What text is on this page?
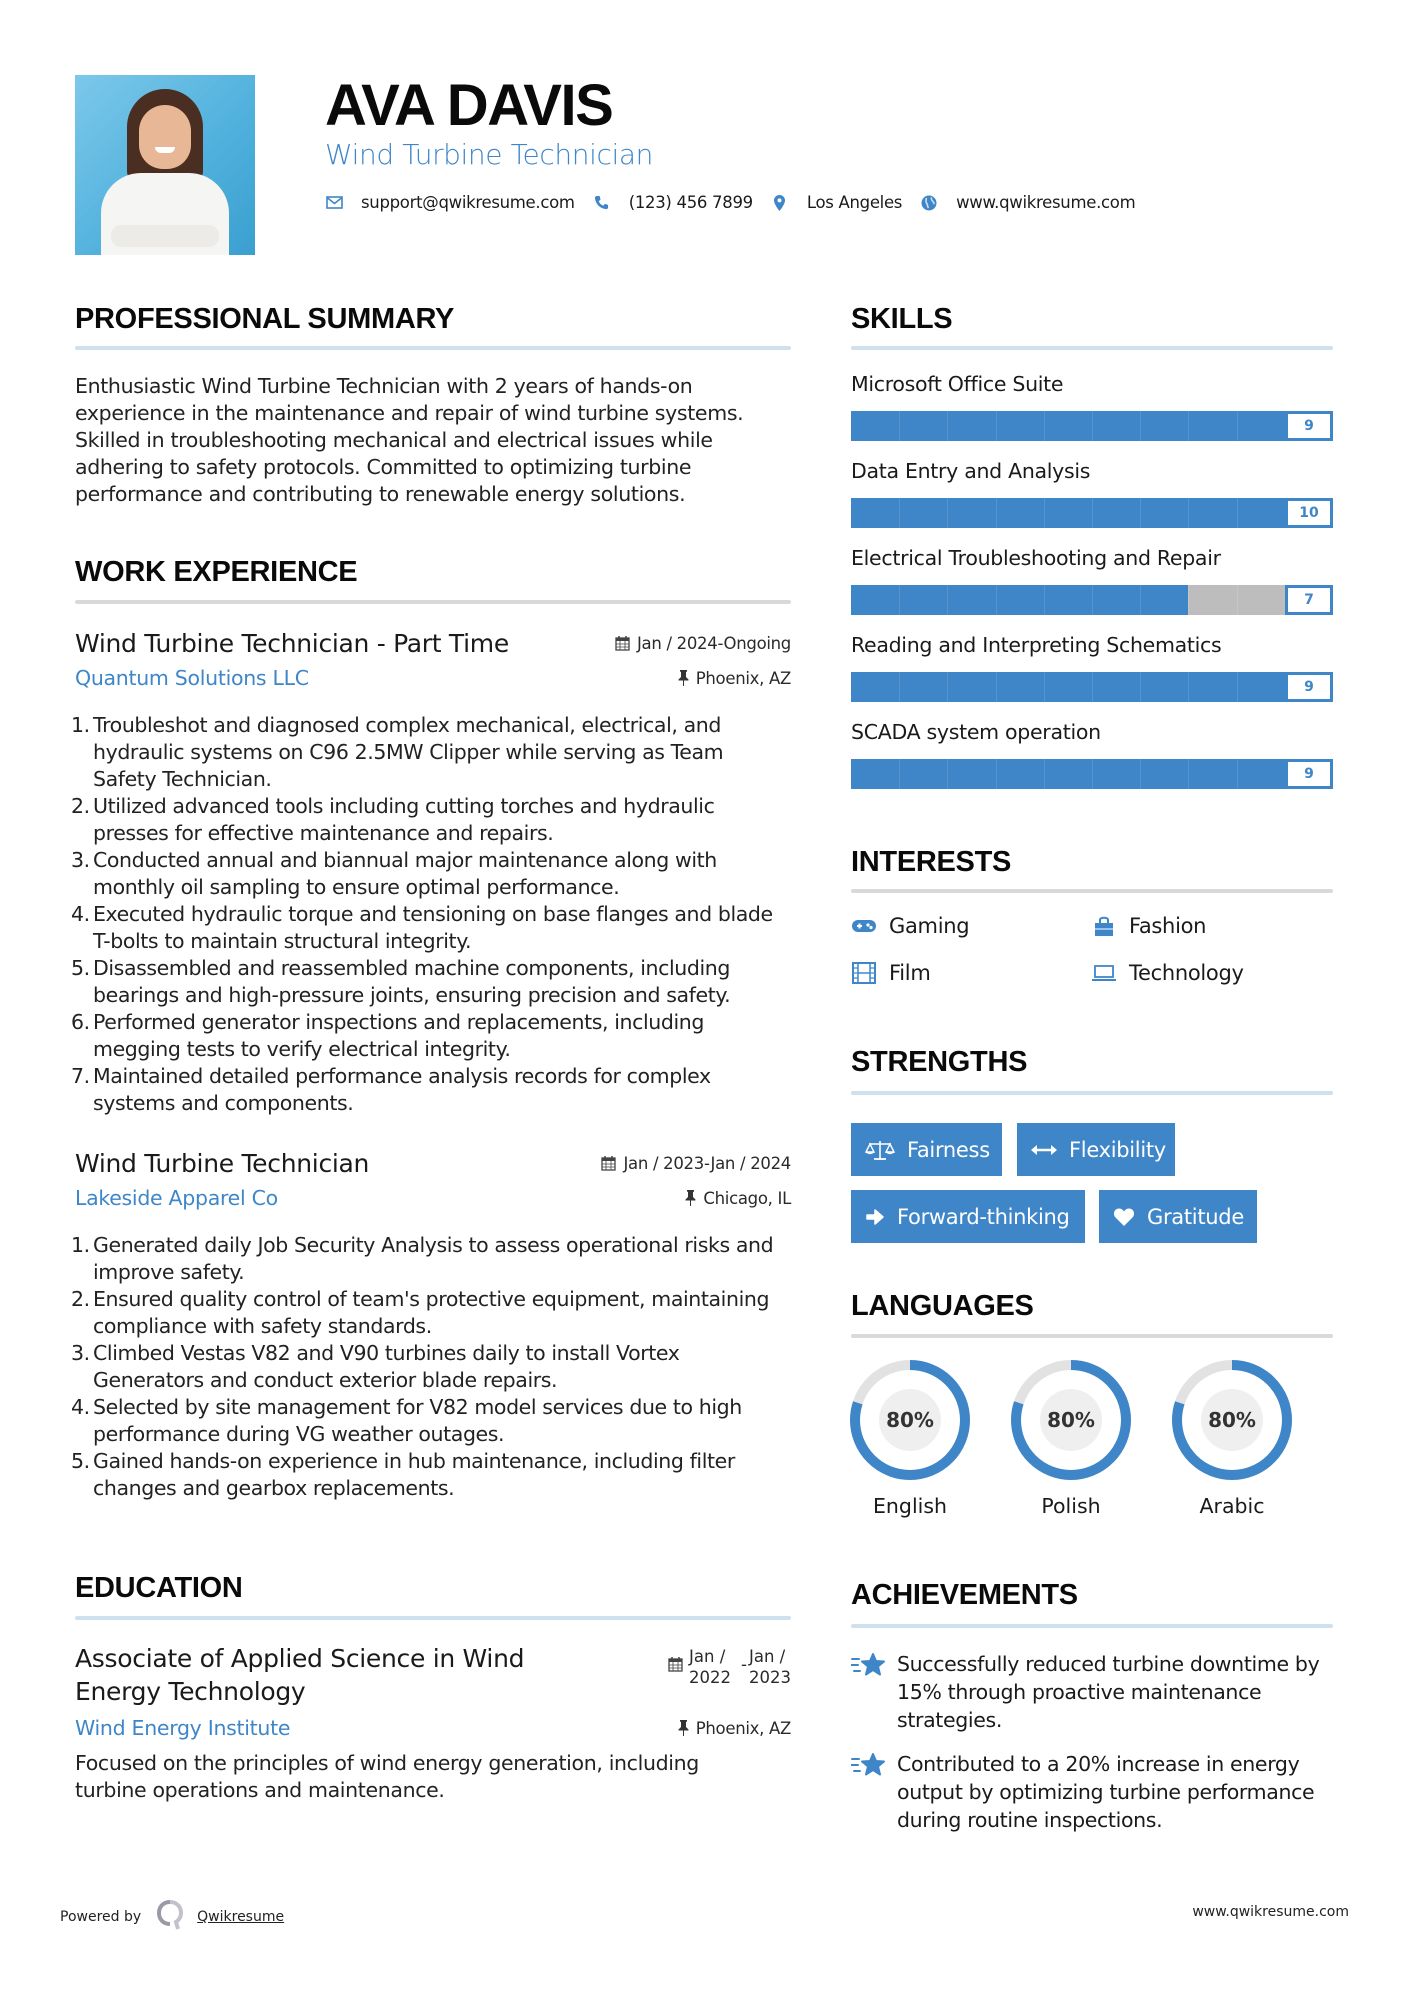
AVA DAVIS
Wind Turbine Technician
support@qwikresume.com	(123) 456 7899	Los Angeles	www.qwikresume.com
PROFESSIONAL SUMMARY
Enthusiastic Wind Turbine Technician with 2 years of hands-on experience in the maintenance and repair of wind turbine systems. Skilled in troubleshooting mechanical and electrical issues while adhering to safety protocols. Committed to optimizing turbine performance and contributing to renewable energy solutions.
WORK EXPERIENCE
Wind Turbine Technician - Part Time	Jan / 2024-Ongoing
Quantum Solutions LLC	Phoenix, AZ
1. Troubleshot and diagnosed complex mechanical, electrical, and hydraulic systems on C96 2.5MW Clipper while serving as Team Safety Technician.
2. Utilized advanced tools including cutting torches and hydraulic presses for effective maintenance and repairs.
3. Conducted annual and biannual major maintenance along with monthly oil sampling to ensure optimal performance.
4. Executed hydraulic torque and tensioning on base flanges and blade T-bolts to maintain structural integrity.
5. Disassembled and reassembled machine components, including bearings and high-pressure joints, ensuring precision and safety.
6. Performed generator inspections and replacements, including megging tests to verify electrical integrity.
7. Maintained detailed performance analysis records for complex systems and components.
Wind Turbine Technician	Jan / 2023-Jan / 2024
Lakeside Apparel Co	Chicago, IL
1. Generated daily Job Security Analysis to assess operational risks and improve safety.
2. Ensured quality control of team's protective equipment, maintaining compliance with safety standards.
3. Climbed Vestas V82 and V90 turbines daily to install Vortex Generators and conduct exterior blade repairs.
4. Selected by site management for V82 model services due to high performance during VG weather outages.
5. Gained hands-on experience in hub maintenance, including filter changes and gearbox replacements.
EDUCATION
Associate of Applied Science in Wind
Energy Technology
Jan /
2022
- Jan /
2023
Wind Energy Institute	Phoenix, AZ
Focused on the principles of wind energy generation, including turbine operations and maintenance.
SKILLS
Microsoft Office Suite
9
Data Entry and Analysis
10
Electrical Troubleshooting and Repair
7
Reading and Interpreting Schematics
9
SCADA system operation
9
INTERESTS
Gaming	Fashion
Film	Technology
STRENGTHS
Fairness	Flexibility
Forward-thinking	Gratitude
LANGUAGES
80%
English
80%
Polish
80%
Arabic
ACHIEVEMENTS
Successfully reduced turbine downtime by 15% through proactive maintenance strategies.
Contributed to a 20% increase in energy output by optimizing turbine performance during routine inspections.
Powered by	Qwikresume	www.qwikresume.com
